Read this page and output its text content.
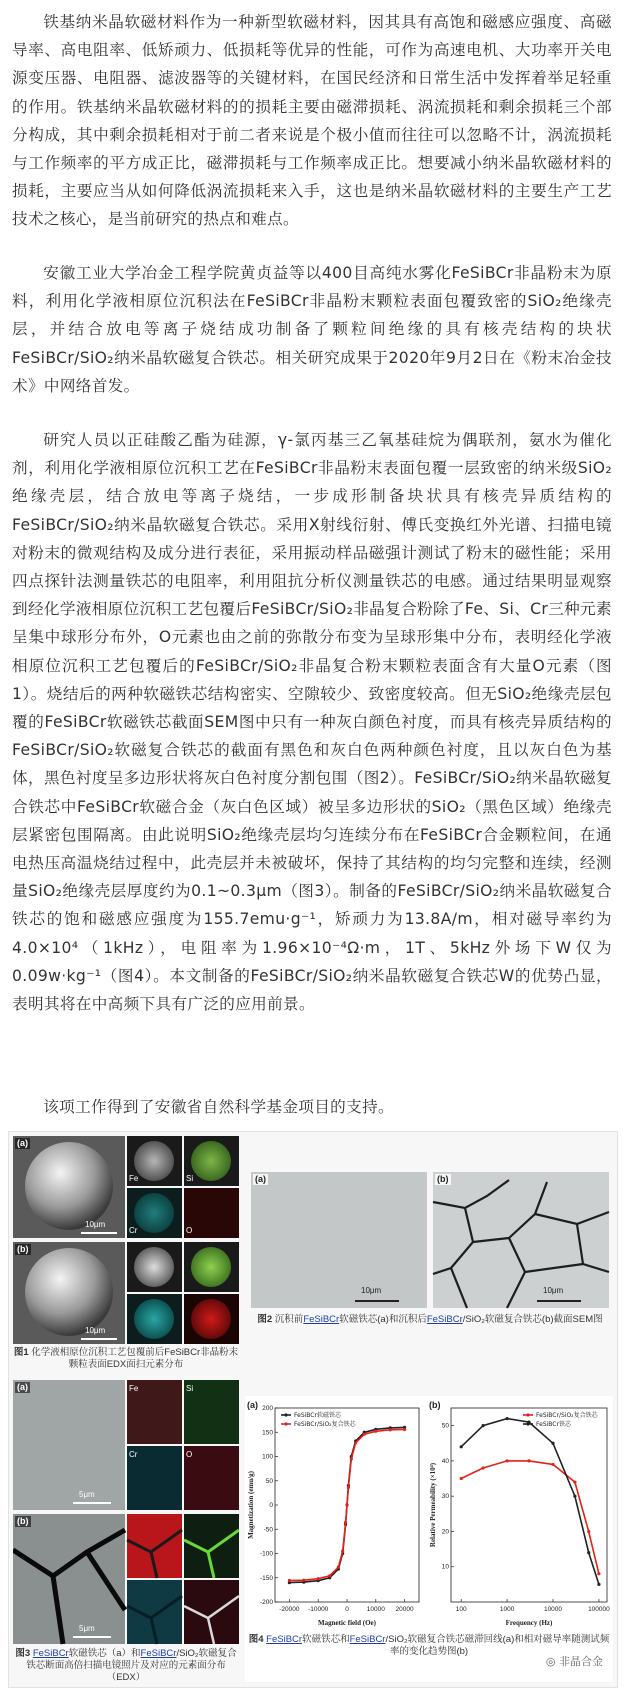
铁基纳米晶软磁材料作为一种新型软磁材料，因其具有高饱和磁感应强度、高磁导率、高电阻率、低矫顽力、低损耗等优异的性能，可作为高速电机、大功率开关电源变压器、电阻器、滤波器等的关键材料，在国民经济和日常生活中发挥着举足轻重的作用。铁基纳米晶软磁材料的的损耗主要由磁滞损耗、涡流损耗和剩余损耗三个部分构成，其中剩余损耗相对于前二者来说是个极小值而往往可以忽略不计，涡流损耗与工作频率的平方成正比，磁滞损耗与工作频率成正比。想要减小纳米晶软磁材料的损耗，主要应当从如何降低涡流损耗来入手，这也是纳米晶软磁材料的主要生产工艺技术之核心，是当前研究的热点和难点。

安徽工业大学冶金工程学院黄贞益等以400目高纯水雾化FeSiBCr非晶粉末为原料，利用化学液相原位沉积法在FeSiBCr非晶粉末颗粒表面包覆致密的SiO₂绝缘壳层，并结合放电等离子烧结成功制备了颗粒间绝缘的具有核壳结构的块状FeSiBCr/SiO₂纳米晶软磁复合铁芯。相关研究成果于2020年9月2日在《粉末冶金技术》中网络首发。

研究人员以正硅酸乙酯为硅源，γ-氯丙基三乙氧基硅烷为偶联剂，氨水为催化剂，利用化学液相原位沉积工艺在FeSiBCr非晶粉末表面包覆一层致密的纳米级SiO₂绝缘壳层，结合放电等离子烧结，一步成形制备块状具有核壳异质结构的FeSiBCr/SiO₂纳米晶软磁复合铁芯。采用X射线衍射、傅氏变换红外光谱、扫描电镜对粉末的微观结构及成分进行表征，采用振动样品磁强计测试了粉末的磁性能；采用四点探针法测量铁芯的电阻率，利用阻抗分析仪测量铁芯的电感。通过结果明显观察到经化学液相原位沉积工艺包覆后FeSiBCr/SiO₂非晶复合粉除了Fe、Si、Cr三种元素呈集中球形分布外，O元素也由之前的弥散分布变为呈球形集中分布，表明经化学液相原位沉积工艺包覆后的FeSiBCr/SiO₂非晶复合粉末颗粒表面含有大量O元素（图1）。烧结后的两种软磁铁芯结构密实、空隙较少、致密度较高。但无SiO₂绝缘壳层包覆的FeSiBCr软磁铁芯截面SEM图中只有一种灰白颜色衬度，而具有核壳异质结构的FeSiBCr/SiO₂软磁复合铁芯的截面有黑色和灰白色两种颜色衬度，且以灰白色为基体，黑色衬度呈多边形状将灰白色衬度分割包围（图2）。FeSiBCr/SiO₂纳米晶软磁复合铁芯中FeSiBCr软磁合金（灰白色区域）被呈多边形状的SiO₂（黑色区域）绝缘壳层紧密包围隔离。由此说明SiO₂绝缘壳层均匀连续分布在FeSiBCr合金颗粒间，在通电热压高温烧结过程中，此壳层并未被破坏，保持了其结构的均匀完整和连续，经测量SiO₂绝缘壳层厚度约为0.1~0.3μm（图3）。制备的FeSiBCr/SiO₂纳米晶软磁复合铁芯的饱和磁感应强度为155.7emu·g⁻¹，矫顽力为13.8A/m，相对磁导率约为4.0×10⁴（1kHz），电阻率为1.96×10⁻⁴Ω·m，1T、5kHz外场下W仅为0.09w·kg⁻¹（图4）。本文制备的FeSiBCr/SiO₂纳米晶软磁复合铁芯W的优势凸显，表明其将在中高频下具有广泛的应用前景。

该项工作得到了安徽省自然科学基金项目的支持。

(a)
(b)
Fe	Si
Cr	O
10μm
10μm
图1 化学液相原位沉积工艺包覆前后FeSiBCr非晶粉末颗粒表面EDX面扫元素分布
(a)	(b)
10μm	10μm
图2 沉积前FeSiBCr软磁铁芯(a)和沉积后FeSiBCr/SiO₂软磁复合铁芯(b)截面SEM图
(a)
(b)
Fe	Si
Cr	O
5μm
5μm
图3 FeSiBCr软磁铁芯（a）和FeSiBCr/SiO₂软磁复合铁芯断面高倍扫描电镜照片及对应的元素面分布（EDX）
(a)
-20000 -10000	0	10000 20000
-200
-150
-100
-50
0
50
100
150
200
Magnetic field (Oe)
Magnetization (emu/g)
FeSiBCr软磁铁芯
FeSiBCr/SiO₂复合铁芯
(b)
100	1000	10000	100000
10
20
30
40
50
Frequency (Hz)
Relative Permeability (×10⁴)
FeSiBCr/SiO₂复合铁芯
FeSiBCr铁芯
图4 FeSiBCr软磁铁芯和FeSiBCr/SiO₂软磁复合铁芯磁滞回线(a)和相对磁导率随测试频率的变化趋势图(b)
◎ 非晶合金
